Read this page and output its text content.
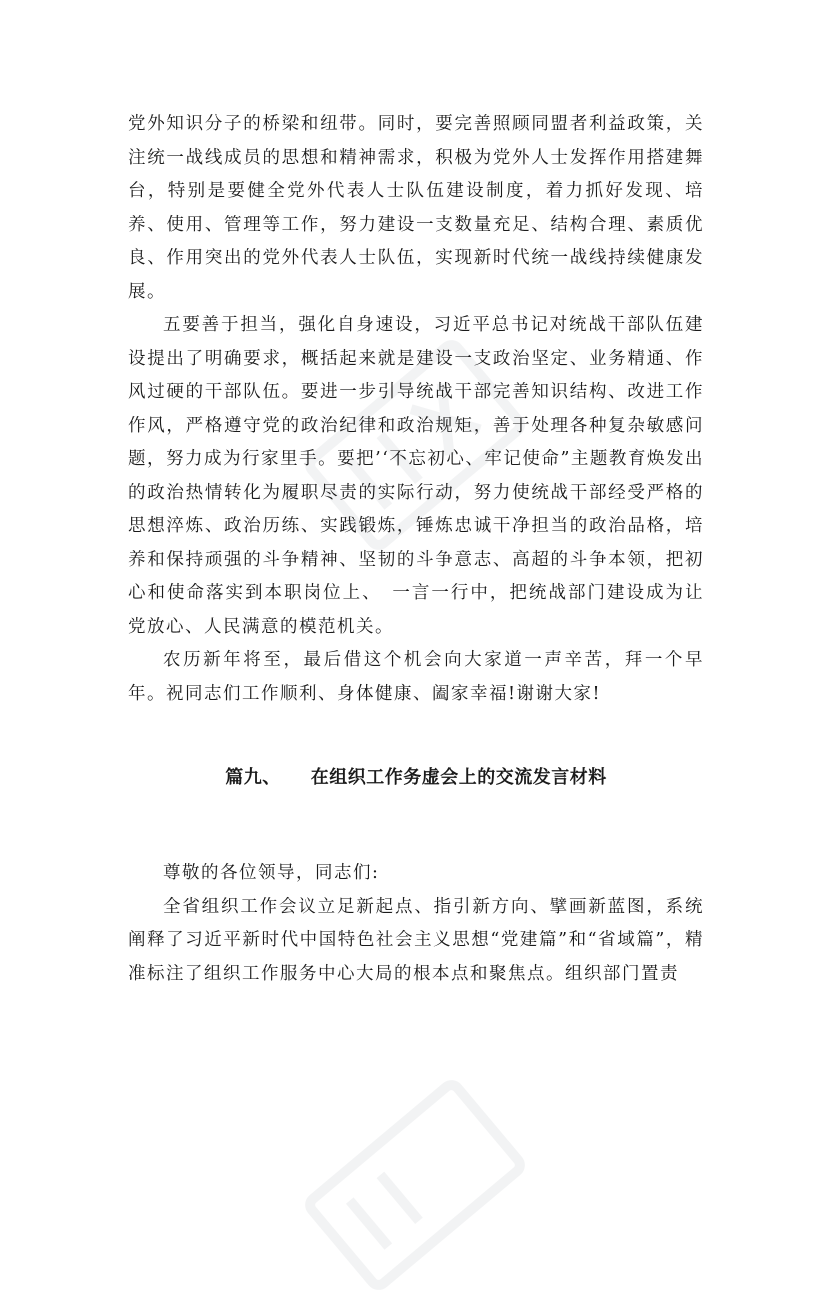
党外知识分子的桥梁和纽带。同时，要完善照顾同盟者利益政策，关注统一战线成员的思想和精神需求，积极为党外人士发挥作用搭建舞台，特别是要健全党外代表人士队伍建设制度，着力抓好发现、培养、使用、管理等工作，努力建设一支数量充足、结构合理、素质优良、作用突出的党外代表人士队伍，实现新时代统一战线持续健康发展。

五要善于担当，强化自身速设，习近平总书记对统战干部队伍建设提出了明确要求，概括起来就是建设一支政治坚定、业务精通、作风过硬的干部队伍。要进一步引导统战干部完善知识结构、改进工作作风，严格遵守党的政治纪律和政治规矩，善于处理各种复杂敏感问题，努力成为行家里手。要把’‘不忘初心、牢记使命”主题教育焕发出的政治热情转化为履职尽责的实际行动，努力使统战干部经受严格的思想淬炼、政治历练、实践锻炼，锤炼忠诚干净担当的政治品格，培养和保持顽强的斗争精神、坚韧的斗争意志、高超的斗争本领，把初心和使命落实到本职岗位上、　一言一行中，把统战部门建设成为让党放心、人民满意的模范机关。

农历新年将至，最后借这个机会向大家道一声辛苦，拜一个早年。祝同志们工作顺利、身体健康、阖家幸福!谢谢大家!

篇九、 在组织工作务虚会上的交流发言材料

尊敬的各位领导，同志们:

全省组织工作会议立足新起点、指引新方向、擘画新蓝图，系统阐释了习近平新时代中国特色社会主义思想“党建篇”和“省域篇”，精准标注了组织工作服务中心大局的根本点和聚焦点。组织部门置责
